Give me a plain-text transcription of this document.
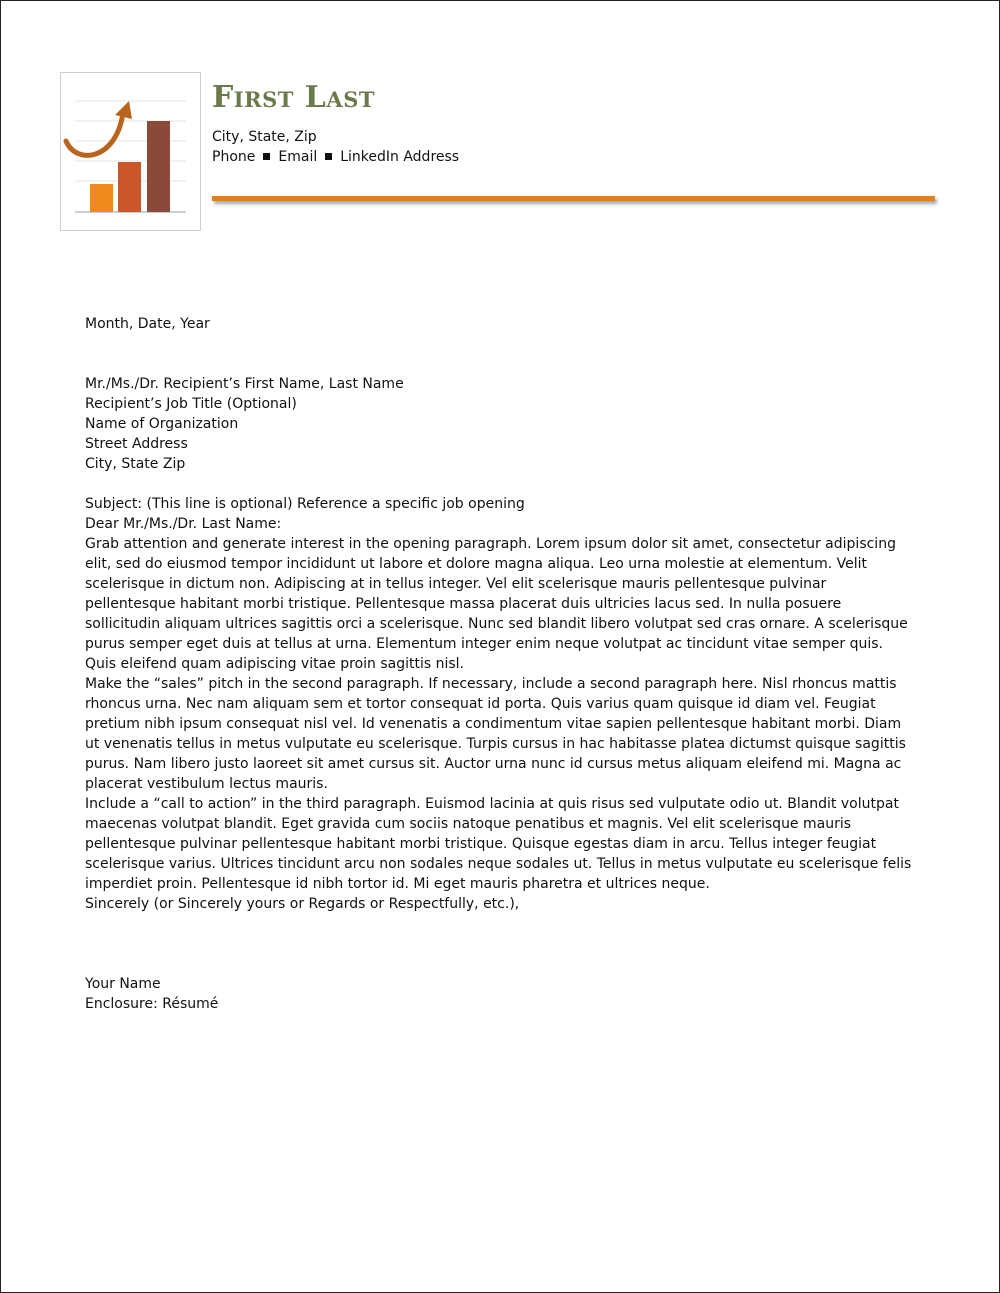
First Last
City, State, Zip
Phone Email LinkedIn Address

Month, Date, Year

Mr./Ms./Dr. Recipient’s First Name, Last Name

Recipient’s Job Title (Optional)

Name of Organization

Street Address

City, State Zip

Subject: (This line is optional) Reference a specific job opening

Dear Mr./Ms./Dr. Last Name:

Grab attention and generate interest in the opening paragraph. Lorem ipsum dolor sit amet, consectetur adipiscing elit, sed do eiusmod tempor incididunt ut labore et dolore magna aliqua. Leo urna molestie at elementum. Velit scelerisque in dictum non. Adipiscing at in tellus integer. Vel elit scelerisque mauris pellentesque pulvinar pellentesque habitant morbi tristique. Pellentesque massa placerat duis ultricies lacus sed. In nulla posuere sollicitudin aliquam ultrices sagittis orci a scelerisque. Nunc sed blandit libero volutpat sed cras ornare. A scelerisque purus semper eget duis at tellus at urna. Elementum integer enim neque volutpat ac tincidunt vitae semper quis. Quis eleifend quam adipiscing vitae proin sagittis nisl.

Make the “sales” pitch in the second paragraph. If necessary, include a second paragraph here. Nisl rhoncus mattis rhoncus urna. Nec nam aliquam sem et tortor consequat id porta. Quis varius quam quisque id diam vel. Feugiat pretium nibh ipsum consequat nisl vel. Id venenatis a condimentum vitae sapien pellentesque habitant morbi. Diam ut venenatis tellus in metus vulputate eu scelerisque. Turpis cursus in hac habitasse platea dictumst quisque sagittis purus. Nam libero justo laoreet sit amet cursus sit. Auctor urna nunc id cursus metus aliquam eleifend mi. Magna ac placerat vestibulum lectus mauris.

Include a “call to action” in the third paragraph. Euismod lacinia at quis risus sed vulputate odio ut. Blandit volutpat maecenas volutpat blandit. Eget gravida cum sociis natoque penatibus et magnis. Vel elit scelerisque mauris pellentesque pulvinar pellentesque habitant morbi tristique. Quisque egestas diam in arcu. Tellus integer feugiat scelerisque varius. Ultrices tincidunt arcu non sodales neque sodales ut. Tellus in metus vulputate eu scelerisque felis imperdiet proin. Pellentesque id nibh tortor id. Mi eget mauris pharetra et ultrices neque.

Sincerely (or Sincerely yours or Regards or Respectfully, etc.),

Your Name

Enclosure: Résumé
